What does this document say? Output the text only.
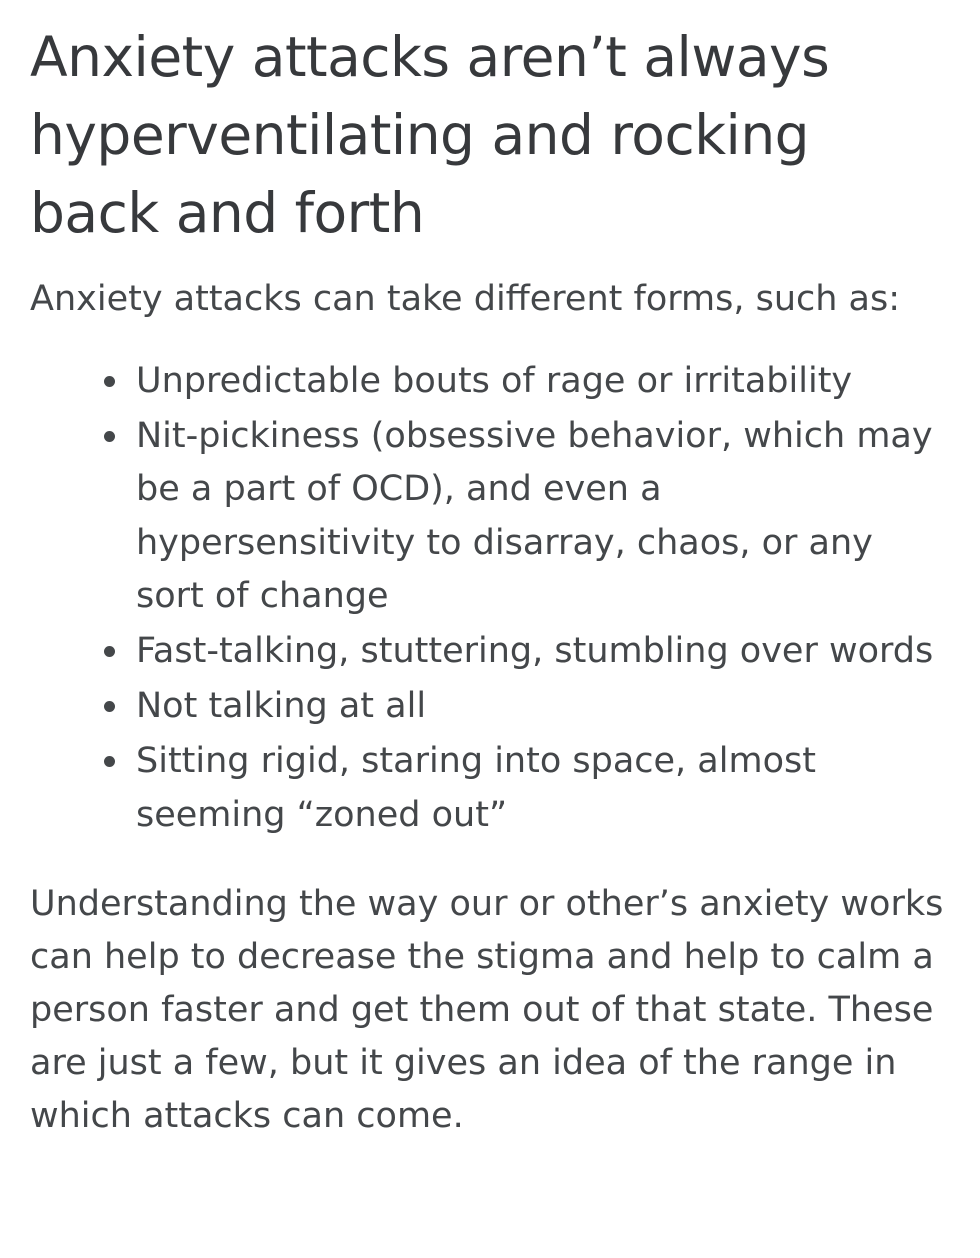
Anxiety attacks aren’t always hyperventilating and rocking back and forth

Anxiety attacks can take different forms, such as:

Unpredictable bouts of rage or irritability
Nit-pickiness (obsessive behavior, which may be a part of OCD), and even a hypersensitivity to disarray, chaos, or any sort of change
Fast-talking, stuttering, stumbling over words
Not talking at all
Sitting rigid, staring into space, almost seeming “zoned out”

Understanding the way our or other’s anxiety works can help to decrease the stigma and help to calm a person faster and get them out of that state. These are just a few, but it gives an idea of the range in which attacks can come.
